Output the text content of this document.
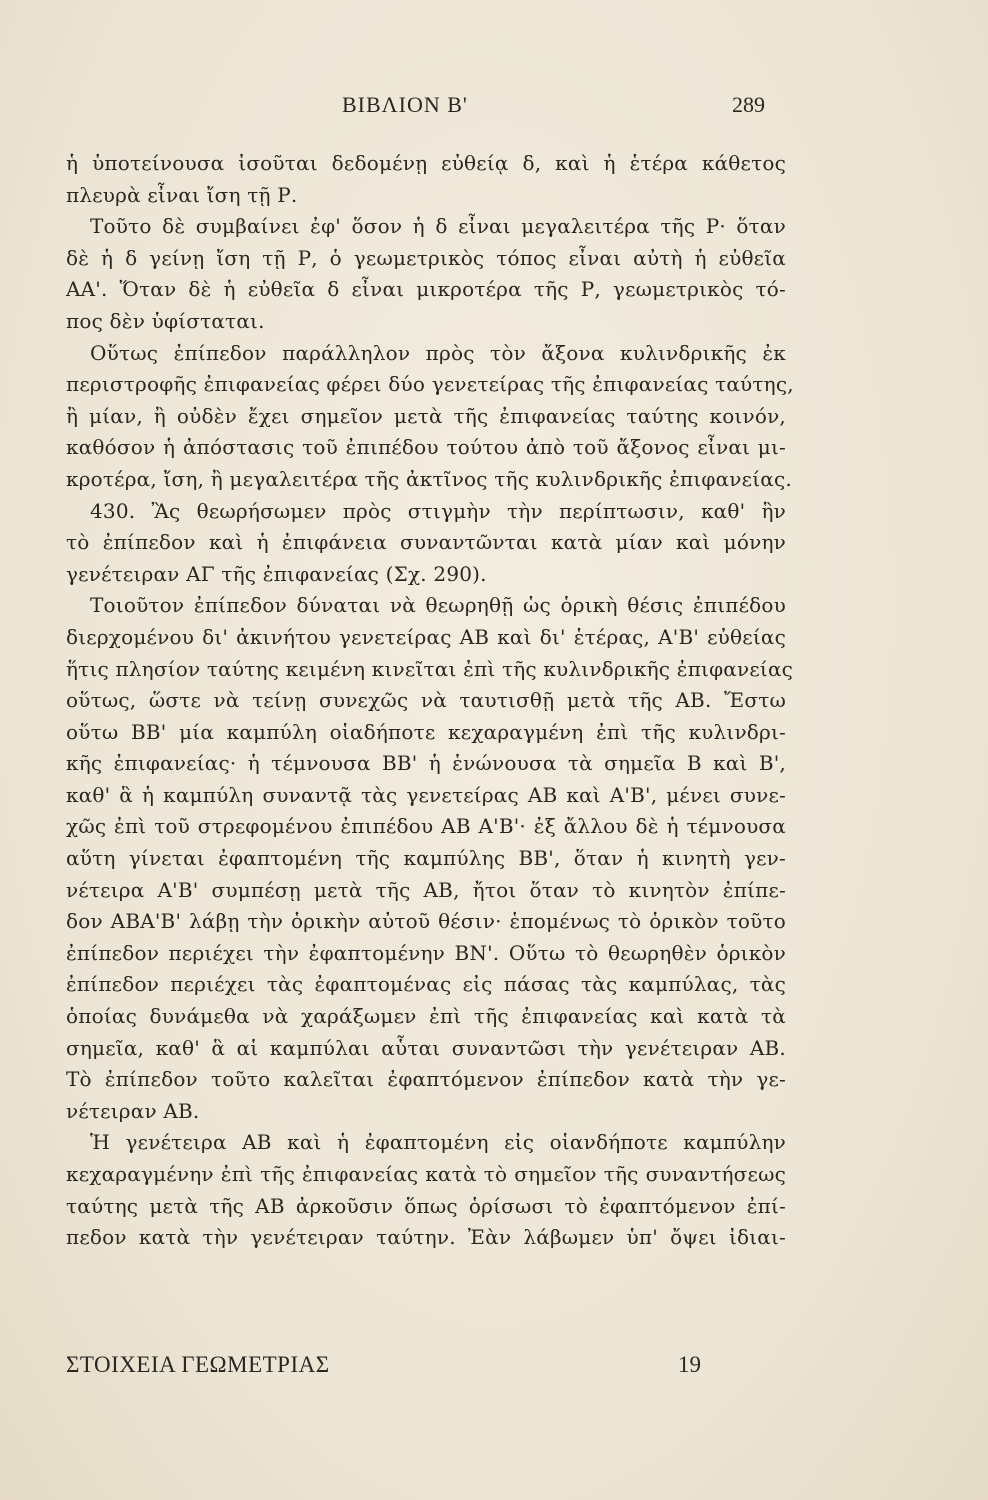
ΒΙΒΛΙΟΝ Β'	289
ἡ ὑποτείνουσα ἰσοῦται δεδομένῃ εὐθείᾳ δ, καὶ ἡ ἑτέρα κάθετος
πλευρὰ εἶναι ἴση τῇ Ρ.
Τοῦτο δὲ συμβαίνει ἐφ' ὅσον ἡ δ εἶναι μεγαλειτέρα τῆς Ρ· ὅταν
δὲ ἡ δ γείνῃ ἴση τῇ Ρ, ὁ γεωμετρικὸς τόπος εἶναι αὐτὴ ἡ εὐθεῖα
ΑΑ'. Ὅταν δὲ ἡ εὐθεῖα δ εἶναι μικροτέρα τῆς Ρ, γεωμετρικὸς τό-
πος δὲν ὑφίσταται.
Οὕτως ἐπίπεδον παράλληλον πρὸς τὸν ἄξονα κυλινδρικῆς ἐκ
περιστροφῆς ἐπιφανείας φέρει δύο γενετείρας τῆς ἐπιφανείας ταύτης,
ἢ μίαν, ἢ οὐδὲν ἔχει σημεῖον μετὰ τῆς ἐπιφανείας ταύτης κοινόν,
καθόσον ἡ ἀπόστασις τοῦ ἐπιπέδου τούτου ἀπὸ τοῦ ἄξονος εἶναι μι-
κροτέρα, ἴση, ἢ μεγαλειτέρα τῆς ἀκτῖνος τῆς κυλινδρικῆς ἐπιφανείας.
430. Ἂς θεωρήσωμεν πρὸς στιγμὴν τὴν περίπτωσιν, καθ' ἣν
τὸ ἐπίπεδον καὶ ἡ ἐπιφάνεια συναντῶνται κατὰ μίαν καὶ μόνην
γενέτειραν ΑΓ τῆς ἐπιφανείας (Σχ. 290).
Τοιοῦτον ἐπίπεδον δύναται νὰ θεωρηθῇ ὡς ὁρικὴ θέσις ἐπιπέδου
διερχομένου δι' ἀκινήτου γενετείρας ΑΒ καὶ δι' ἑτέρας, Α'Β' εὐθείας
ἥτις πλησίον ταύτης κειμένη κινεῖται ἐπὶ τῆς κυλινδρικῆς ἐπιφανείας
οὕτως, ὥστε νὰ τείνῃ συνεχῶς νὰ ταυτισθῇ μετὰ τῆς ΑΒ. Ἔστω
οὕτω ΒΒ' μία καμπύλη οἱαδήποτε κεχαραγμένη ἐπὶ τῆς κυλινδρι-
κῆς ἐπιφανείας· ἡ τέμνουσα ΒΒ' ἡ ἑνώνουσα τὰ σημεῖα Β καὶ Β',
καθ' ἃ ἡ καμπύλη συναντᾷ τὰς γενετείρας ΑΒ καὶ Α'Β', μένει συνε-
χῶς ἐπὶ τοῦ στρεφομένου ἐπιπέδου ΑΒ Α'Β'· ἐξ ἄλλου δὲ ἡ τέμνουσα
αὕτη γίνεται ἐφαπτομένη τῆς καμπύλης ΒΒ', ὅταν ἡ κινητὴ γεν-
νέτειρα Α'Β' συμπέσῃ μετὰ τῆς ΑΒ, ἤτοι ὅταν τὸ κινητὸν ἐπίπε-
δον ΑΒΑ'Β' λάβῃ τὴν ὁρικὴν αὐτοῦ θέσιν· ἑπομένως τὸ ὁρικὸν τοῦτο
ἐπίπεδον περιέχει τὴν ἐφαπτομένην ΒΝ'. Οὕτω τὸ θεωρηθὲν ὁρικὸν
ἐπίπεδον περιέχει τὰς ἐφαπτομένας εἰς πάσας τὰς καμπύλας, τὰς
ὁποίας δυνάμεθα νὰ χαράξωμεν ἐπὶ τῆς ἐπιφανείας καὶ κατὰ τὰ
σημεῖα, καθ' ἃ αἱ καμπύλαι αὗται συναντῶσι τὴν γενέτειραν ΑΒ.
Τὸ ἐπίπεδον τοῦτο καλεῖται ἐφαπτόμενον ἐπίπεδον κατὰ τὴν γε-
νέτειραν ΑΒ.
Ἡ γενέτειρα ΑΒ καὶ ἡ ἐφαπτομένη εἰς οἱανδήποτε καμπύλην
κεχαραγμένην ἐπὶ τῆς ἐπιφανείας κατὰ τὸ σημεῖον τῆς συναντήσεως
ταύτης μετὰ τῆς ΑΒ ἀρκοῦσιν ὅπως ὁρίσωσι τὸ ἐφαπτόμενον ἐπί-
πεδον κατὰ τὴν γενέτειραν ταύτην. Ἐὰν λάβωμεν ὑπ' ὄψει ἰδιαι-
ΣΤΟΙΧΕΙΑ ΓΕΩΜΕΤΡΙΑΣ	19
